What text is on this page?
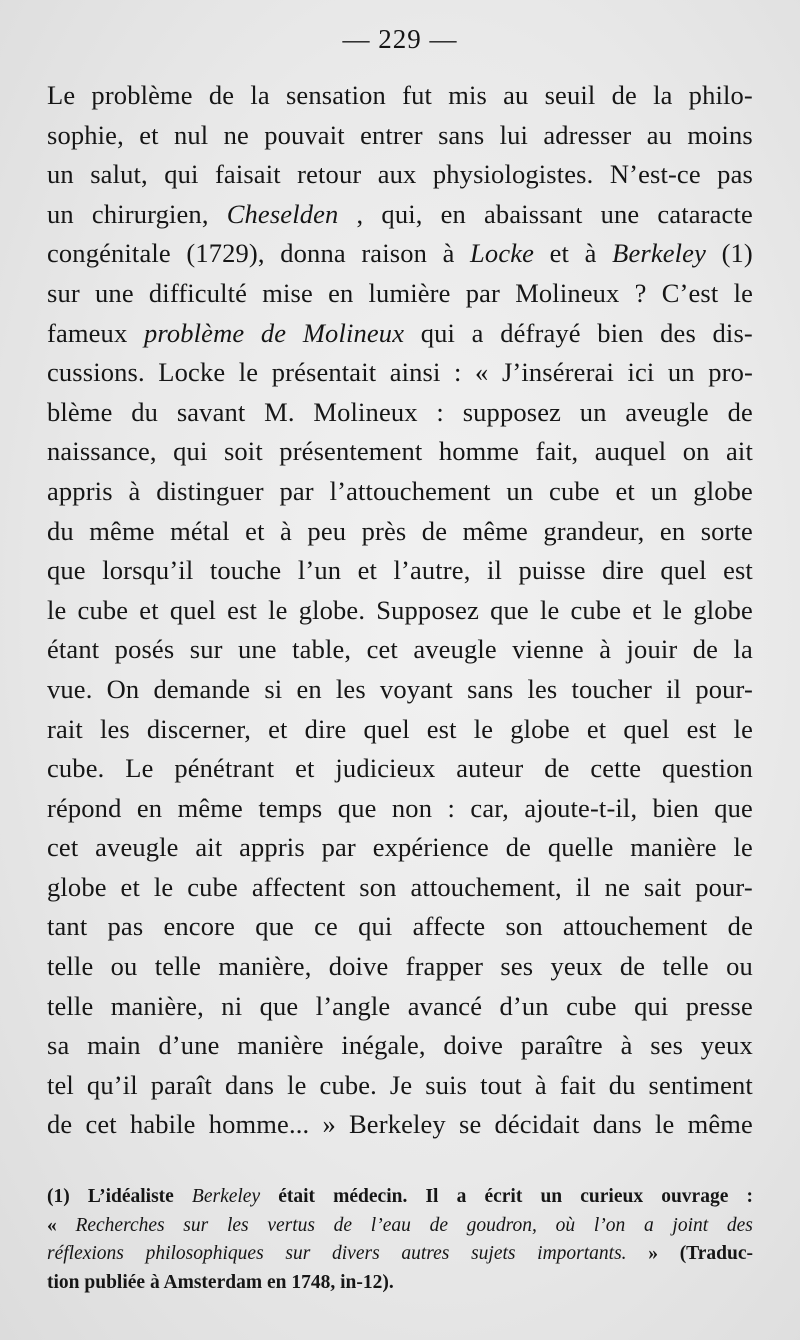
— 229 —
Le problème de la sensation fut mis au seuil de la philo-
sophie, et nul ne pouvait entrer sans lui adresser au moins
un salut, qui faisait retour aux physiologistes. N’est-ce pas
un chirurgien, Cheselden , qui, en abaissant une cataracte
congénitale (1729), donna raison à Locke et à Berkeley (1)
sur une difficulté mise en lumière par Molineux ? C’est le
fameux problème de Molineux qui a défrayé bien des dis-
cussions. Locke le présentait ainsi : « J’insérerai ici un pro-
blème du savant M. Molineux : supposez un aveugle de
naissance, qui soit présentement homme fait, auquel on ait
appris à distinguer par l’attouchement un cube et un globe
du même métal et à peu près de même grandeur, en sorte
que lorsqu’il touche l’un et l’autre, il puisse dire quel est
le cube et quel est le globe. Supposez que le cube et le globe
étant posés sur une table, cet aveugle vienne à jouir de la
vue. On demande si en les voyant sans les toucher il pour-
rait les discerner, et dire quel est le globe et quel est le
cube. Le pénétrant et judicieux auteur de cette question
répond en même temps que non : car, ajoute-t-il, bien que
cet aveugle ait appris par expérience de quelle manière le
globe et le cube affectent son attouchement, il ne sait pour-
tant pas encore que ce qui affecte son attouchement de
telle ou telle manière, doive frapper ses yeux de telle ou
telle manière, ni que l’angle avancé d’un cube qui presse
sa main d’une manière inégale, doive paraître à ses yeux
tel qu’il paraît dans le cube. Je suis tout à fait du sentiment
de cet habile homme... » Berkeley se décidait dans le même
(1) L’idéaliste Berkeley était médecin. Il a écrit un curieux ouvrage :
« Recherches sur les vertus de l’eau de goudron, où l’on a joint des
réflexions philosophiques sur divers autres sujets importants. » (Traduc-
tion publiée à Amsterdam en 1748, in-12).
